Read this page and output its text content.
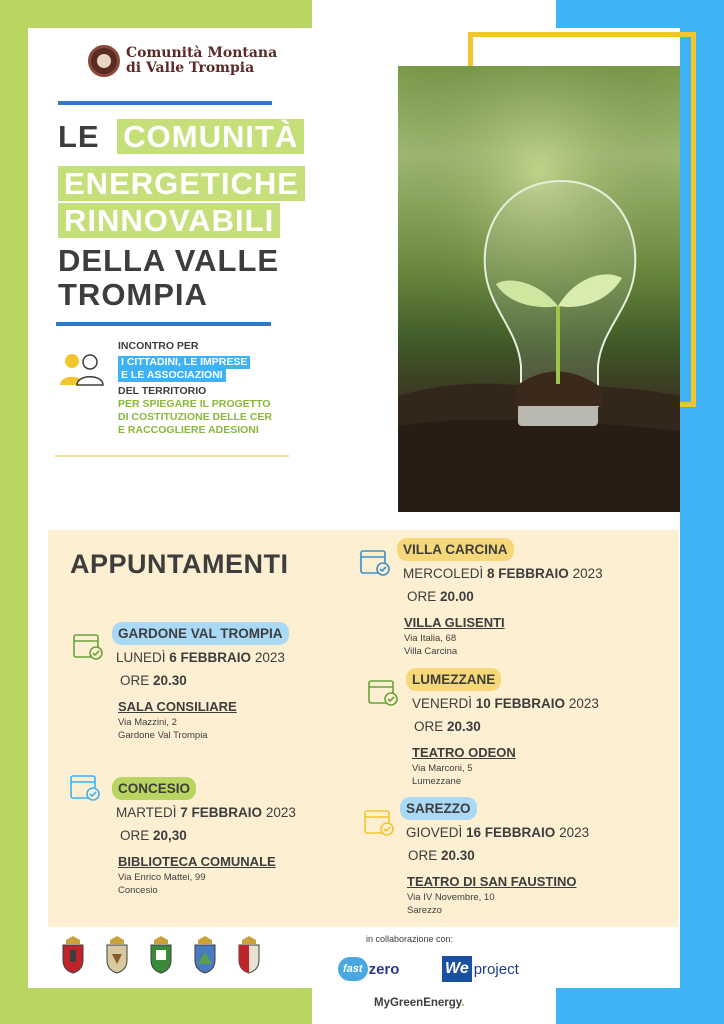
Comunità Montana
di Valle Trompia
LE COMUNITÀ
ENERGETICHE
RINNOVABILI
DELLA VALLE
TROMPIA
INCONTRO PER
I CITTADINI, LE IMPRESE
E LE ASSOCIAZIONI
DEL TERRITORIO
PER SPIEGARE IL PROGETTO
DI COSTITUZIONE DELLE CER
E RACCOGLIERE ADESIONI
APPUNTAMENTI
GARDONE VAL TROMPIA
LUNEDÌ 6 FEBBRAIO 2023
ORE 20.30
SALA CONSILIARE
Via Mazzini, 2
Gardone Val Trompia
CONCESIO
MARTEDÌ 7 FEBBRAIO 2023
ORE 20,30
BIBLIOTECA COMUNALE
Via Enrico Mattei, 99
Concesio
VILLA CARCINA
MERCOLEDÌ 8 FEBBRAIO 2023
ORE 20.00
VILLA GLISENTI
Via Italia, 68
Villa Carcina
LUMEZZANE
VENERDÌ 10 FEBBRAIO 2023
ORE 20.30
TEATRO ODEON
Via Marconi, 5
Lumezzane
SAREZZO
GIOVEDÌ 16 FEBBRAIO 2023
ORE 20.30
TEATRO DI SAN FAUSTINO
Via IV Novembre, 10
Sarezzo
in collaborazione con:
fast zero	We project
MyGreenEnergy.
